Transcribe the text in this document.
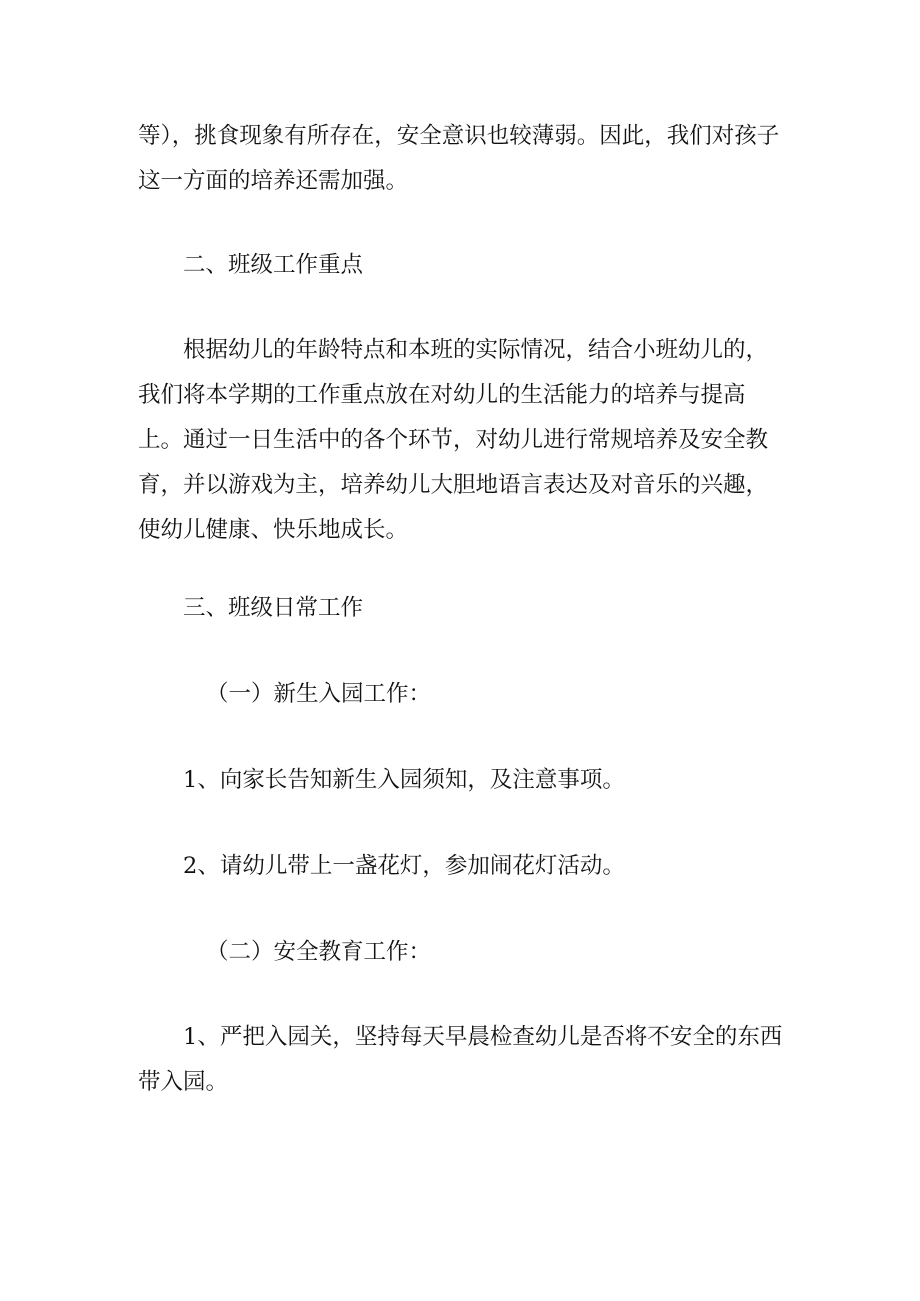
等），挑食现象有所存在，安全意识也较薄弱。因此，我们对孩子这一方面的培养还需加强。

二、班级工作重点

根据幼儿的年龄特点和本班的实际情况，结合小班幼儿的，我们将本学期的工作重点放在对幼儿的生活能力的培养与提高上。通过一日生活中的各个环节，对幼儿进行常规培养及安全教育，并以游戏为主，培养幼儿大胆地语言表达及对音乐的兴趣，使幼儿健康、快乐地成长。

三、班级日常工作

（一）新生入园工作：

1、向家长告知新生入园须知，及注意事项。

2、请幼儿带上一盏花灯，参加闹花灯活动。

（二）安全教育工作：

1、严把入园关，坚持每天早晨检查幼儿是否将不安全的东西带入园。
